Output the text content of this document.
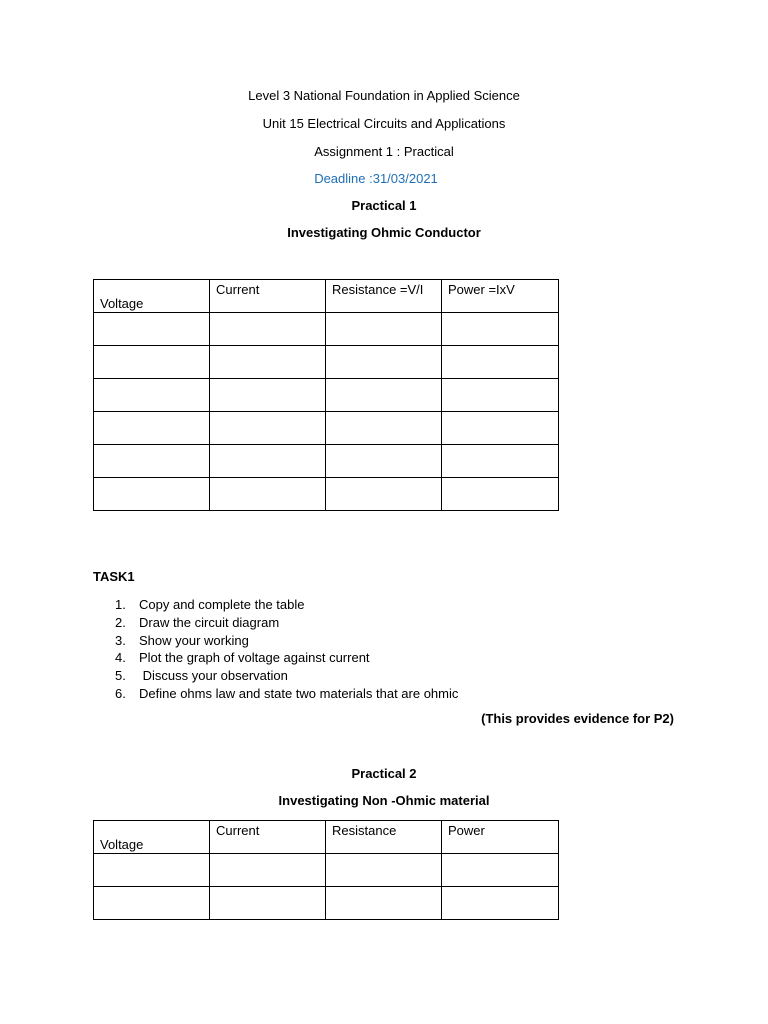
Level 3 National Foundation in Applied Science
Unit 15 Electrical Circuits and Applications
Assignment 1 : Practical
Deadline :31/03/2021
Practical 1
Investigating Ohmic Conductor
Voltage	Current	Resistance =V/I	Power =IxV

TASK1
1. Copy and complete the table
2. Draw the circuit diagram
3. Show your working
4. Plot the graph of voltage against current
5. Discuss your observation
6. Define ohms law and state two materials that are ohmic
(This provides evidence for P2)
Practical 2
Investigating Non -Ohmic material
Voltage	Current	Resistance	Power
